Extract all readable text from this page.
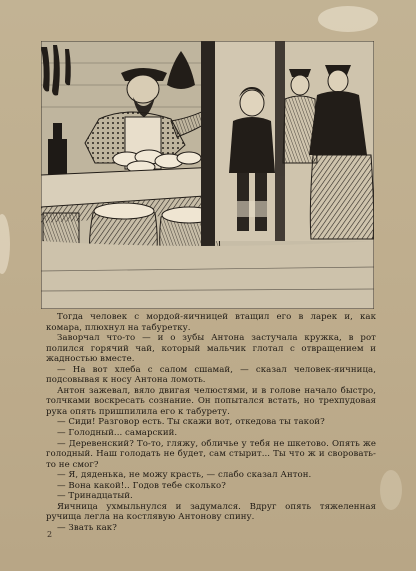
Тогда человек с мордой-яичницей втащил его в ларек и, как комара, плюхнул на табуретку.

Заворчал что-то — и о зубы Антона застучала кружка, в рот полился горячий чай, который мальчик глотал с отвращением и жадностью вместе.

— На вот хлеба с салом сшамай, — сказал человек-яичница, подсовывая к носу Антона ломоть.

Антон зажевал, вяло двигая челюстями, и в голове начало быстро, толчками воскресать сознание. Он попытался встать, но трехпудовая рука опять пришпилила его к табурету.

— Сиди! Разговор есть. Ты скажи вот, откедова ты такой?

— Голодный... самарский.

— Деревенский? То-то, гляжу, обличье у тебя не шкетово. Опять же голодный. Наш голодать не будет, сам стырит... Ты что ж и своровать-то не смог?

— Я, дяденька, не можу красть, — слабо сказал Антон.

— Вона какой!.. Годов тебе сколько?

— Тринадцатый.

Яичница ухмыльнулся и задумался. Вдруг опять тяжеленная ручища легла на костлявую Антонову спину.

— Звать как?

2
